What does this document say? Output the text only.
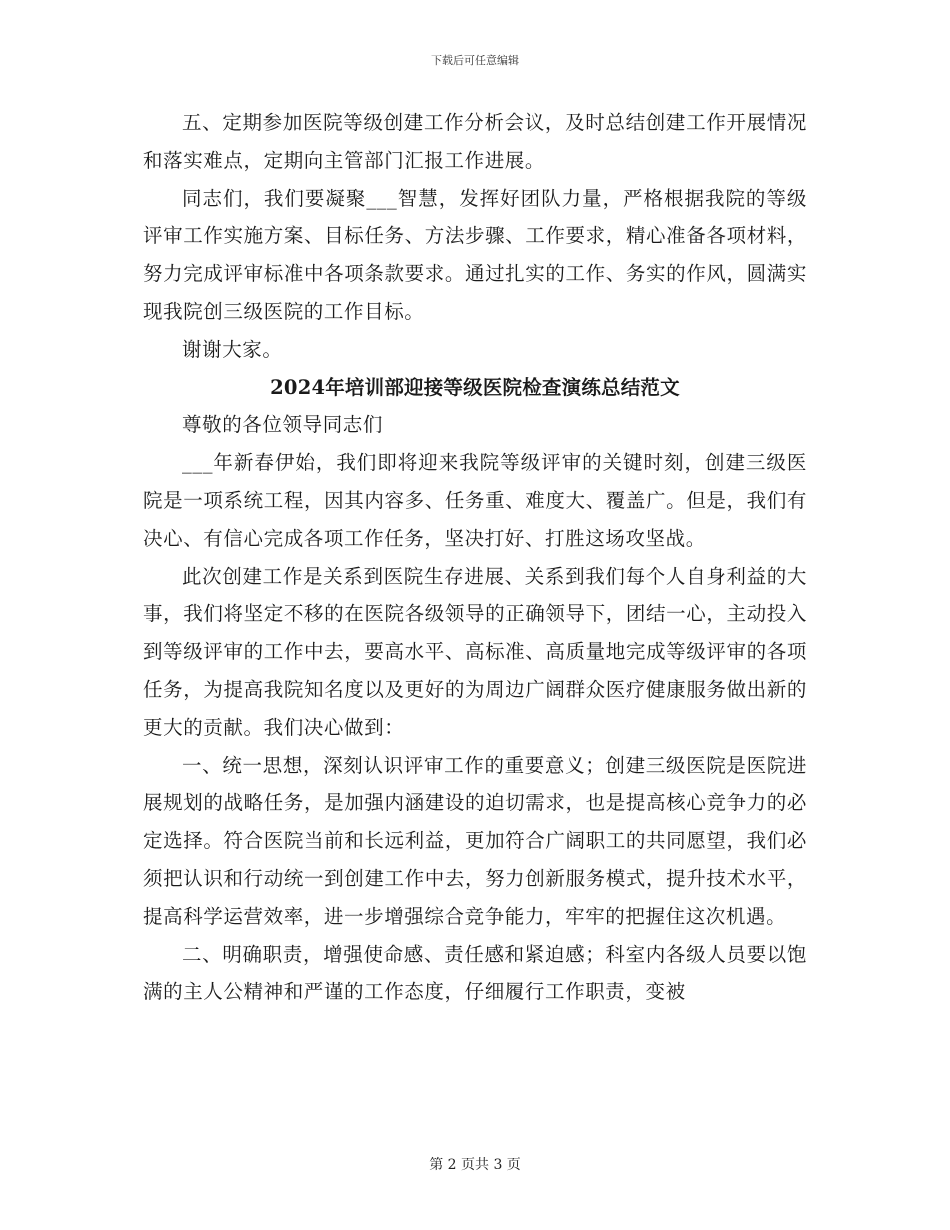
下载后可任意编辑

五、定期参加医院等级创建工作分析会议，及时总结创建工作开展情况和落实难点，定期向主管部门汇报工作进展。

同志们，我们要凝聚___智慧，发挥好团队力量，严格根据我院的等级评审工作实施方案、目标任务、方法步骤、工作要求，精心准备各项材料，努力完成评审标准中各项条款要求。通过扎实的工作、务实的作风，圆满实现我院创三级医院的工作目标。

谢谢大家。

2024年培训部迎接等级医院检查演练总结范文

尊敬的各位领导同志们

___年新春伊始，我们即将迎来我院等级评审的关键时刻，创建三级医院是一项系统工程，因其内容多、任务重、难度大、覆盖广。但是，我们有决心、有信心完成各项工作任务，坚决打好、打胜这场攻坚战。

此次创建工作是关系到医院生存进展、关系到我们每个人自身利益的大事，我们将坚定不移的在医院各级领导的正确领导下，团结一心，主动投入到等级评审的工作中去，要高水平、高标准、高质量地完成等级评审的各项任务，为提高我院知名度以及更好的为周边广阔群众医疗健康服务做出新的更大的贡献。我们决心做到：

一、统一思想，深刻认识评审工作的重要意义；创建三级医院是医院进展规划的战略任务，是加强内涵建设的迫切需求，也是提高核心竞争力的必定选择。符合医院当前和长远利益，更加符合广阔职工的共同愿望，我们必须把认识和行动统一到创建工作中去，努力创新服务模式，提升技术水平，提高科学运营效率，进一步增强综合竞争能力，牢牢的把握住这次机遇。

二、明确职责，增强使命感、责任感和紧迫感；科室内各级人员要以饱满的主人公精神和严谨的工作态度，仔细履行工作职责，变被

第 2 页共 3 页
